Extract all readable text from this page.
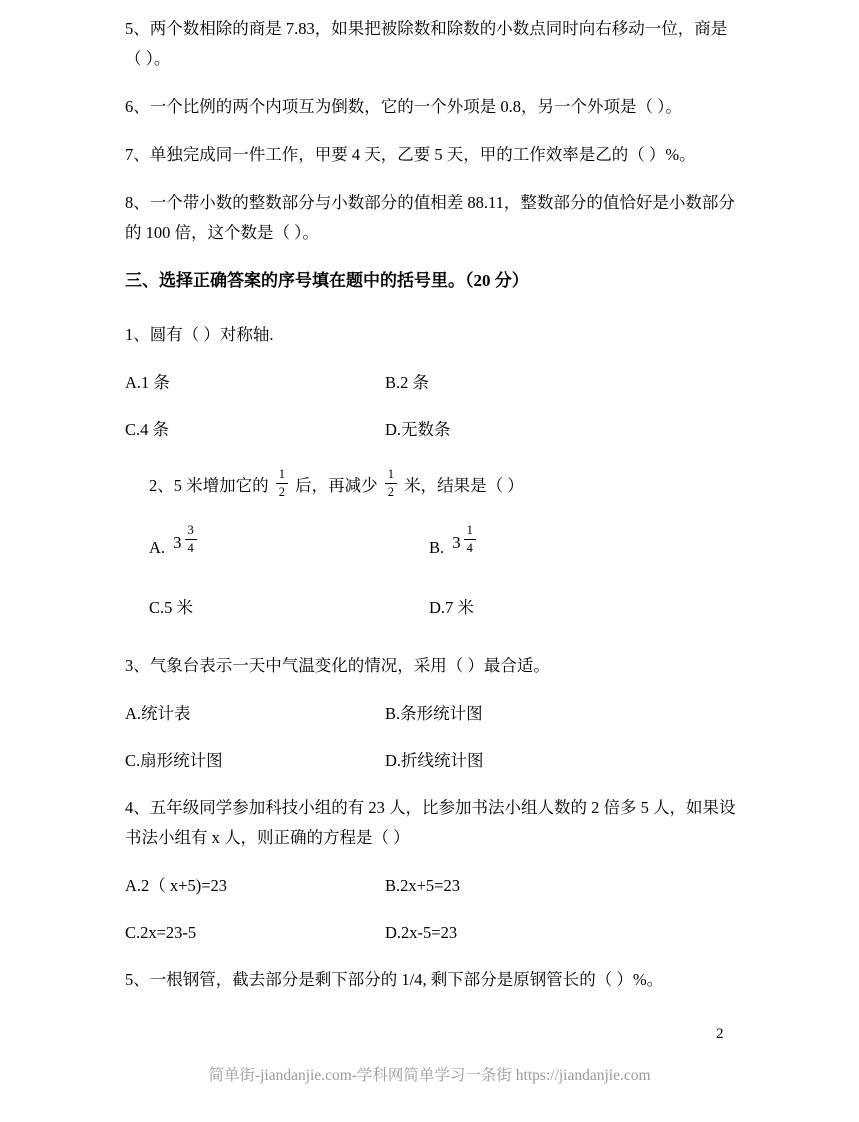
5、两个数相除的商是 7.83，如果把被除数和除数的小数点同时向右移动一位，商是（ ）。

6、一个比例的两个内项互为倒数，它的一个外项是 0.8，另一个外项是（ ）。

7、单独完成同一件工作，甲要 4 天，乙要 5 天，甲的工作效率是乙的（ ）%。

8、一个带小数的整数部分与小数部分的值相差 88.11，整数部分的值恰好是小数部分的 100 倍，这个数是（ ）。

三、选择正确答案的序号填在题中的括号里。（20 分）

1、圆有（ ）对称轴.

A.1 条	B.2 条
C.4 条	D.无数条

2、5 米增加它的 $\frac{1}{2}$ 后，再减少 $\frac{1}{2}$ 米，结果是（ ）

A. $3 \frac{3}{4}$	B. $3 \frac{1}{4}$
C.5 米	D.7 米

3、气象台表示一天中气温变化的情况，采用（ ）最合适。

A.统计表	B.条形统计图
C.扇形统计图	D.折线统计图

4、五年级同学参加科技小组的有 23 人，比参加书法小组人数的 2 倍多 5 人，如果设书法小组有 x 人，则正确的方程是（ ）

A.2（ x+5)=23	B.2x+5=23
C.2x=23-5	D.2x-5=23

5、一根钢管，截去部分是剩下部分的 1/4, 剩下部分是原钢管长的（ ）%。

2
简单街-jiandanjie.com-学科网简单学习一条街 https://jiandanjie.com
